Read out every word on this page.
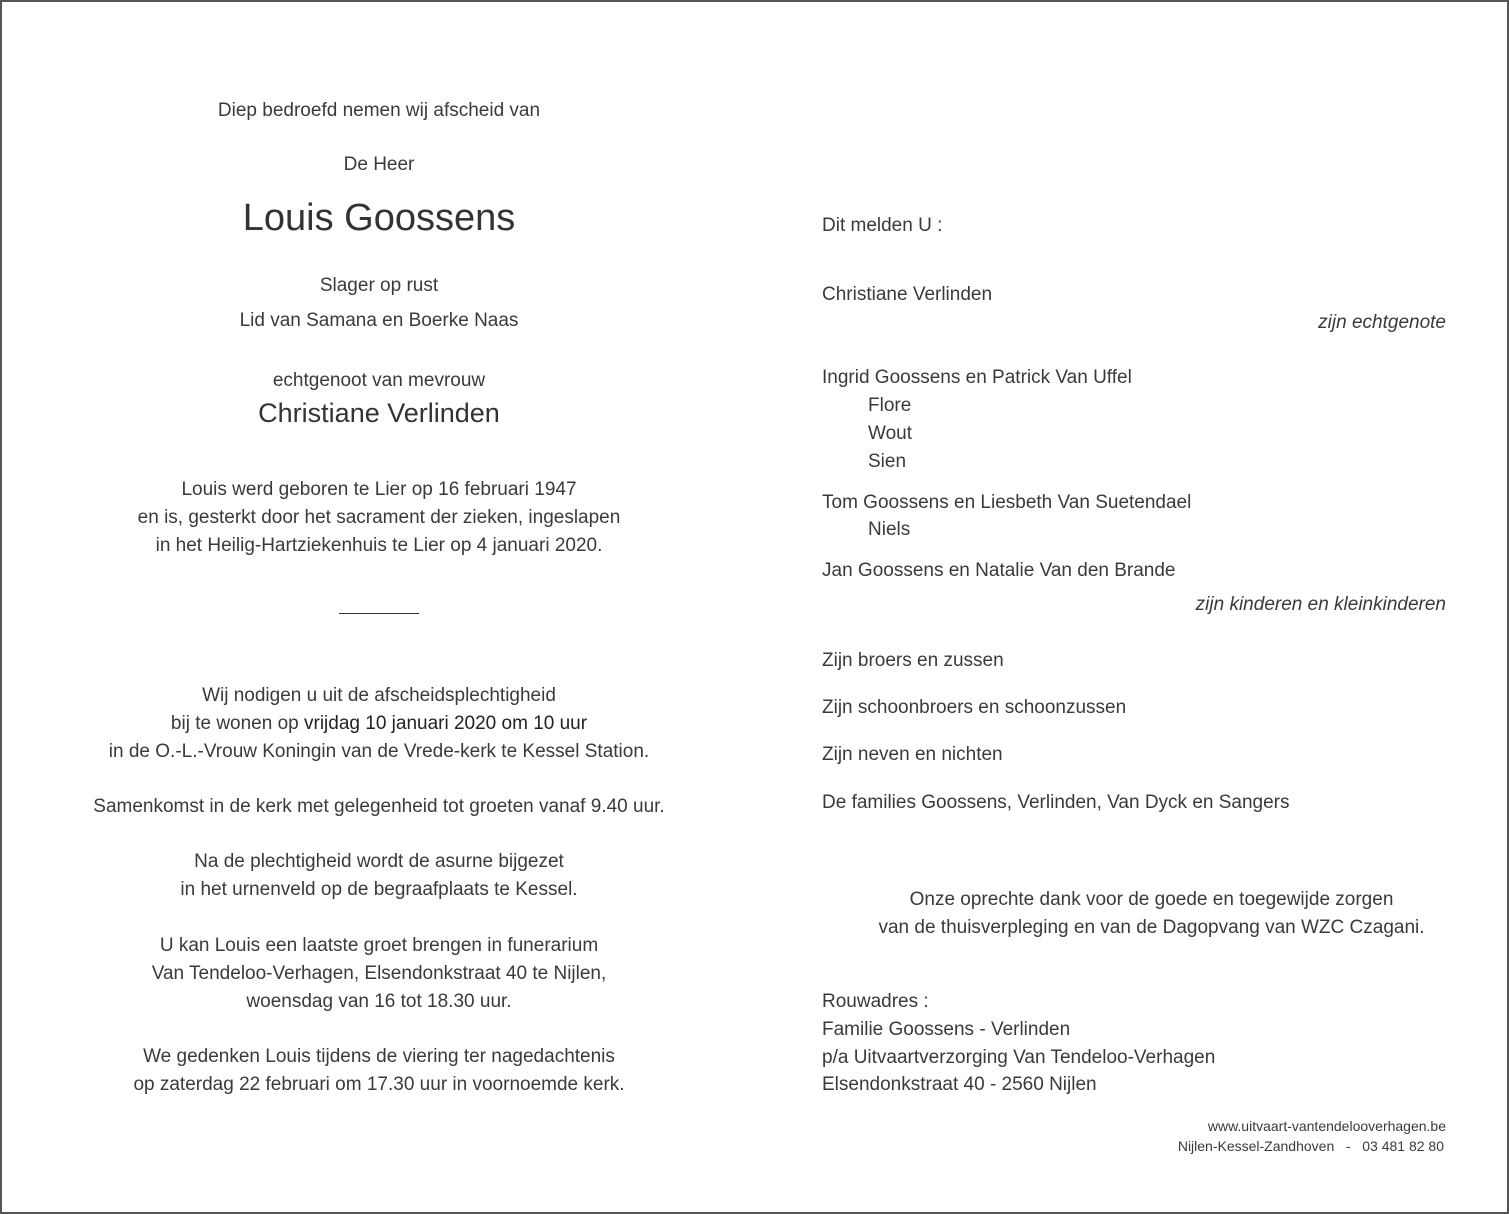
Diep bedroefd nemen wij afscheid van
De Heer
Louis Goossens
Slager op rust
Lid van Samana en Boerke Naas
echtgenoot van mevrouw
Christiane Verlinden
Louis werd geboren te Lier op 16 februari 1947
en is, gesterkt door het sacrament der zieken, ingeslapen
in het Heilig-Hartziekenhuis te Lier op 4 januari 2020.
Wij nodigen u uit de afscheidsplechtigheid
bij te wonen op vrijdag 10 januari 2020 om 10 uur
in de O.-L.-Vrouw Koningin van de Vrede-kerk te Kessel Station.
Samenkomst in de kerk met gelegenheid tot groeten vanaf 9.40 uur.
Na de plechtigheid wordt de asurne bijgezet
in het urnenveld op de begraafplaats te Kessel.
U kan Louis een laatste groet brengen in funerarium
Van Tendeloo-Verhagen, Elsendonkstraat 40 te Nijlen,
woensdag van 16 tot 18.30 uur.
We gedenken Louis tijdens de viering ter nagedachtenis
op zaterdag 22 februari om 17.30 uur in voornoemde kerk.
Dit melden U :
Christiane Verlinden
zijn echtgenote
Ingrid Goossens en Patrick Van Uffel
Flore
Wout
Sien
Tom Goossens en Liesbeth Van Suetendael
Niels
Jan Goossens en Natalie Van den Brande
zijn kinderen en kleinkinderen
Zijn broers en zussen
Zijn schoonbroers en schoonzussen
Zijn neven en nichten
De families Goossens, Verlinden, Van Dyck en Sangers
Onze oprechte dank voor de goede en toegewijde zorgen
van de thuisverpleging en van de Dagopvang van WZC Czagani.
Rouwadres :
Familie Goossens - Verlinden
p/a Uitvaartverzorging Van Tendeloo-Verhagen
Elsendonkstraat 40 - 2560 Nijlen
www.uitvaart-vantendelooverhagen.be
Nijlen-Kessel-Zandhoven   -   03 481 82 80
